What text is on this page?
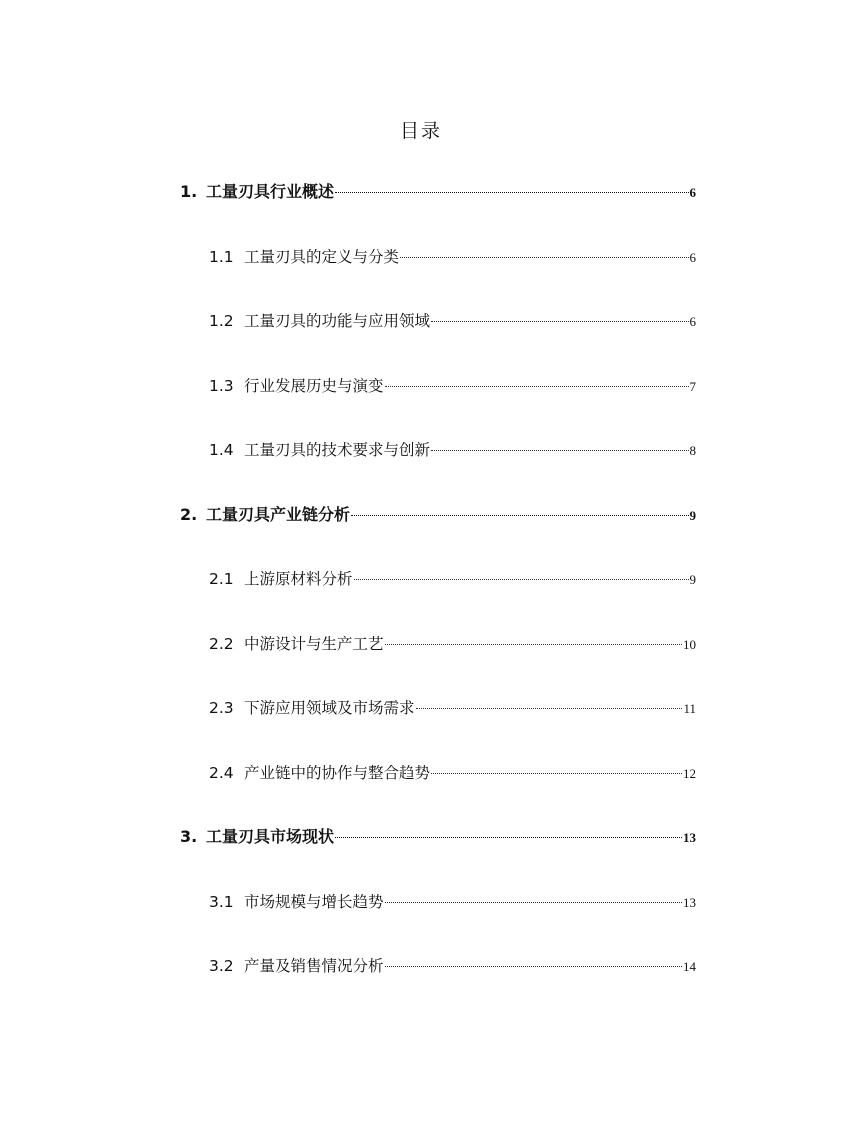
目录
1. 工量刃具行业概述	6
1.1 工量刃具的定义与分类	6
1.2 工量刃具的功能与应用领域	6
1.3 行业发展历史与演变	7
1.4 工量刃具的技术要求与创新	8
2. 工量刃具产业链分析	9
2.1 上游原材料分析	9
2.2 中游设计与生产工艺	10
2.3 下游应用领域及市场需求	11
2.4 产业链中的协作与整合趋势	12
3. 工量刃具市场现状	13
3.1 市场规模与增长趋势	13
3.2 产量及销售情况分析	14
